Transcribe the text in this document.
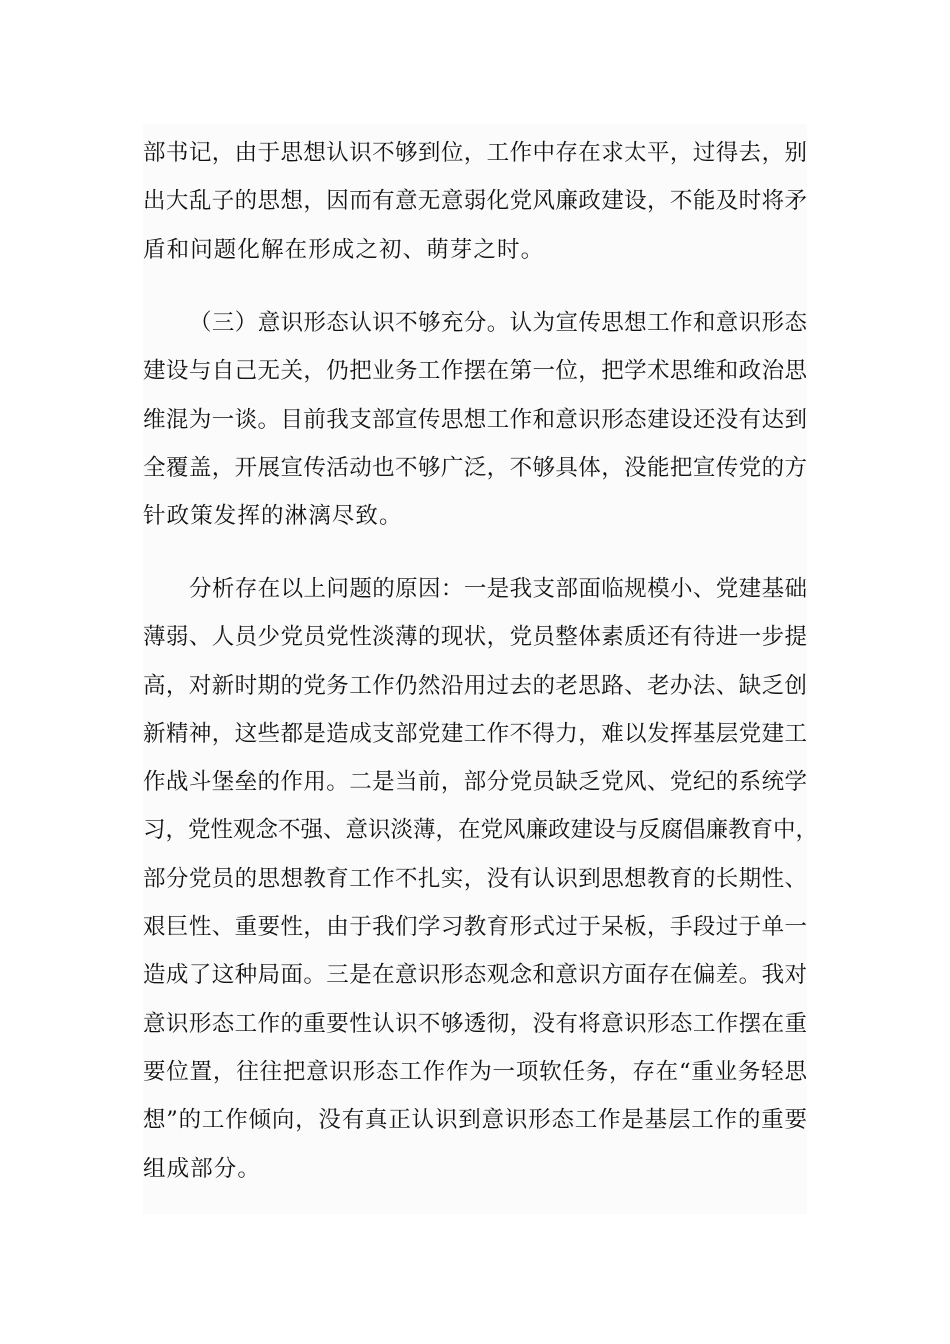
部书记，由于思想认识不够到位，工作中存在求太平，过得去，别
出大乱子的思想，因而有意无意弱化党风廉政建设，不能及时将矛
盾和问题化解在形成之初、萌芽之时。
（三）意识形态认识不够充分。认为宣传思想工作和意识形态
建设与自己无关，仍把业务工作摆在第一位，把学术思维和政治思
维混为一谈。目前我支部宣传思想工作和意识形态建设还没有达到
全覆盖，开展宣传活动也不够广泛，不够具体，没能把宣传党的方
针政策发挥的淋漓尽致。
分析存在以上问题的原因：一是我支部面临规模小、党建基础
薄弱、人员少党员党性淡薄的现状，党员整体素质还有待进一步提
高，对新时期的党务工作仍然沿用过去的老思路、老办法、缺乏创
新精神，这些都是造成支部党建工作不得力，难以发挥基层党建工
作战斗堡垒的作用。二是当前，部分党员缺乏党风、党纪的系统学
习，党性观念不强、意识淡薄，在党风廉政建设与反腐倡廉教育中，
部分党员的思想教育工作不扎实，没有认识到思想教育的长期性、
艰巨性、重要性，由于我们学习教育形式过于呆板，手段过于单一
造成了这种局面。三是在意识形态观念和意识方面存在偏差。我对
意识形态工作的重要性认识不够透彻，没有将意识形态工作摆在重
要位置，往往把意识形态工作作为一项软任务，存在“重业务轻思
想”的工作倾向，没有真正认识到意识形态工作是基层工作的重要
组成部分。
